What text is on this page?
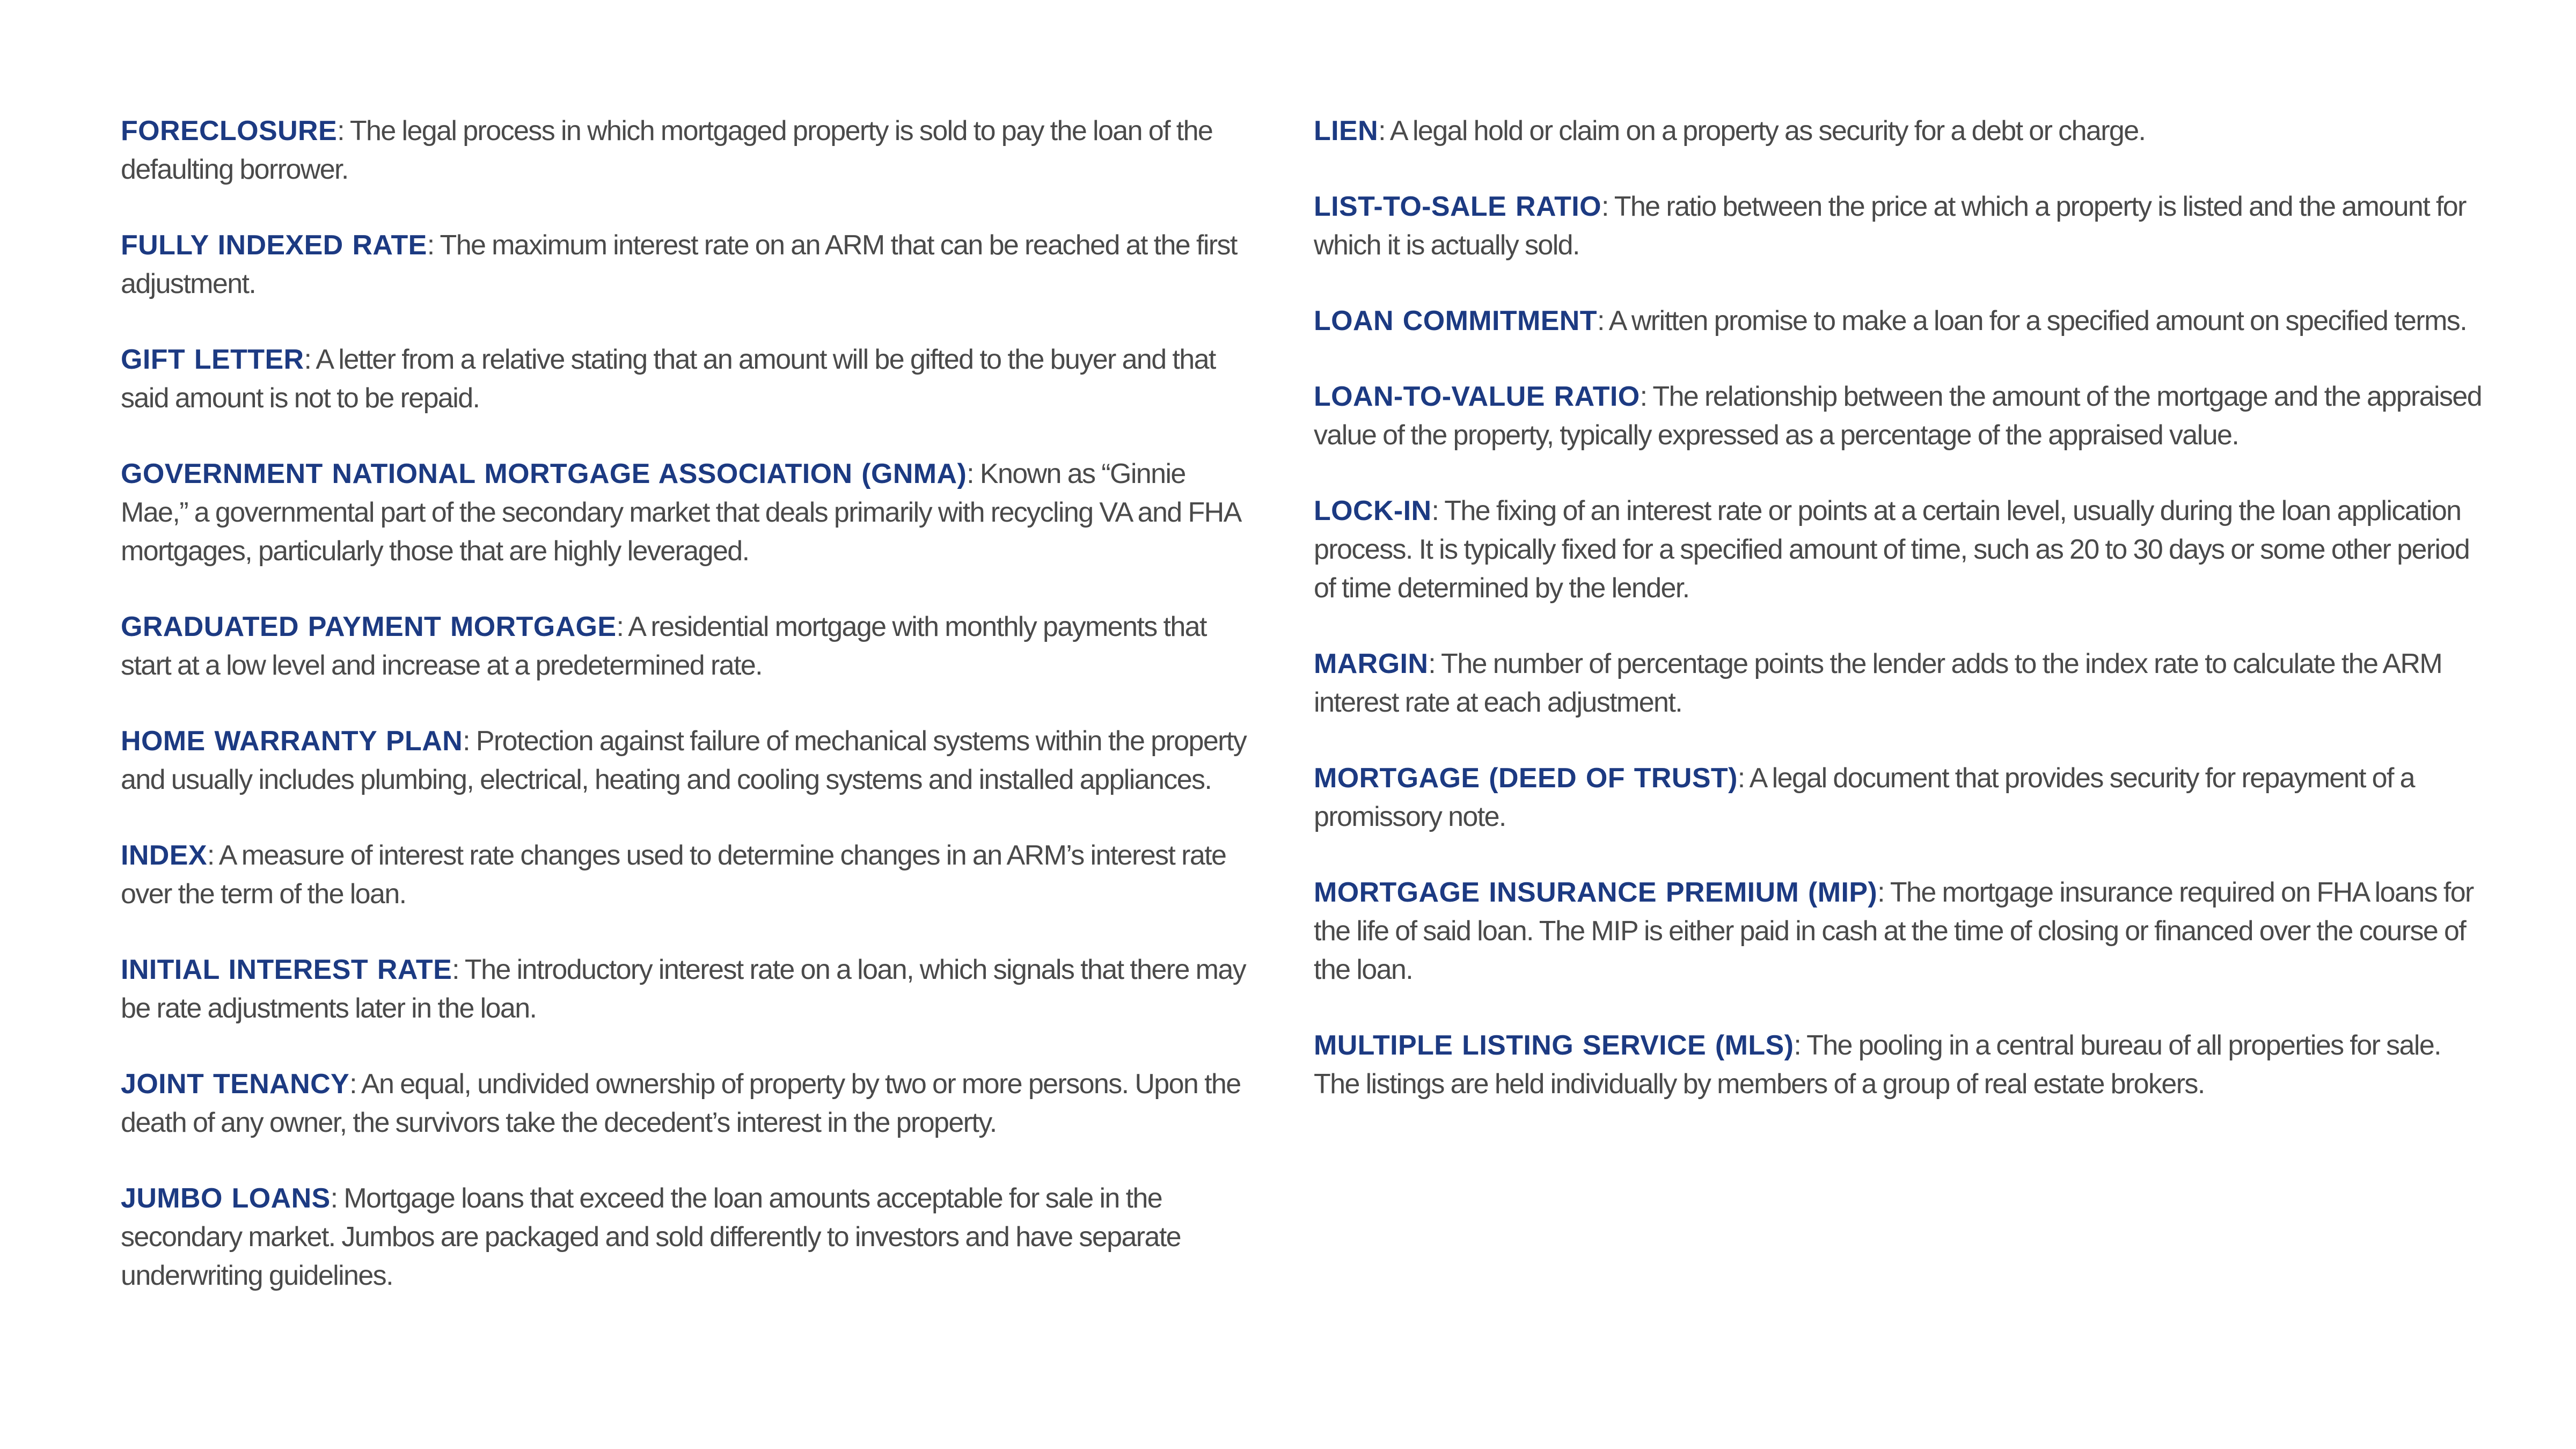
FORECLOSURE: The legal process in which mortgaged property is sold to pay the loan of the defaulting borrower.

FULLY INDEXED RATE: The maximum interest rate on an ARM that can be reached at the first adjustment.

GIFT LETTER: A letter from a relative stating that an amount will be gifted to the buyer and that said amount is not to be repaid.

GOVERNMENT NATIONAL MORTGAGE ASSOCIATION (GNMA): Known as “Ginnie Mae,” a governmental part of the secondary market that deals primarily with recycling VA and FHA mortgages, particularly those that are highly leveraged.

GRADUATED PAYMENT MORTGAGE: A residential mortgage with monthly payments that start at a low level and increase at a predetermined rate.

HOME WARRANTY PLAN: Protection against failure of mechanical systems within the property and usually includes plumbing, electrical, heating and cooling systems and installed appliances.

INDEX: A measure of interest rate changes used to determine changes in an ARM’s interest rate over the term of the loan.

INITIAL INTEREST RATE: The introductory interest rate on a loan, which signals that there may be rate adjustments later in the loan.

JOINT TENANCY: An equal, undivided ownership of property by two or more persons. Upon the death of any owner, the survivors take the decedent’s interest in the property.

JUMBO LOANS: Mortgage loans that exceed the loan amounts acceptable for sale in the secondary market. Jumbos are packaged and sold differently to investors and have separate underwriting guidelines.

LIEN: A legal hold or claim on a property as security for a debt or charge.

LIST-TO-SALE RATIO: The ratio between the price at which a property is listed and the amount for which it is actually sold.

LOAN COMMITMENT: A written promise to make a loan for a specified amount on specified terms.

LOAN-TO-VALUE RATIO: The relationship between the amount of the mortgage and the appraised value of the property, typically expressed as a percentage of the appraised value.

LOCK-IN: The fixing of an interest rate or points at a certain level, usually during the loan application process. It is typically fixed for a specified amount of time, such as 20 to 30 days or some other period of time determined by the lender.

MARGIN: The number of percentage points the lender adds to the index rate to calculate the ARM interest rate at each adjustment.

MORTGAGE (DEED OF TRUST): A legal document that provides security for repayment of a promissory note.

MORTGAGE INSURANCE PREMIUM (MIP): The mortgage insurance required on FHA loans for the life of said loan. The MIP is either paid in cash at the time of closing or financed over the course of the loan.

MULTIPLE LISTING SERVICE (MLS): The pooling in a central bureau of all properties for sale. The listings are held individually by members of a group of real estate brokers.
